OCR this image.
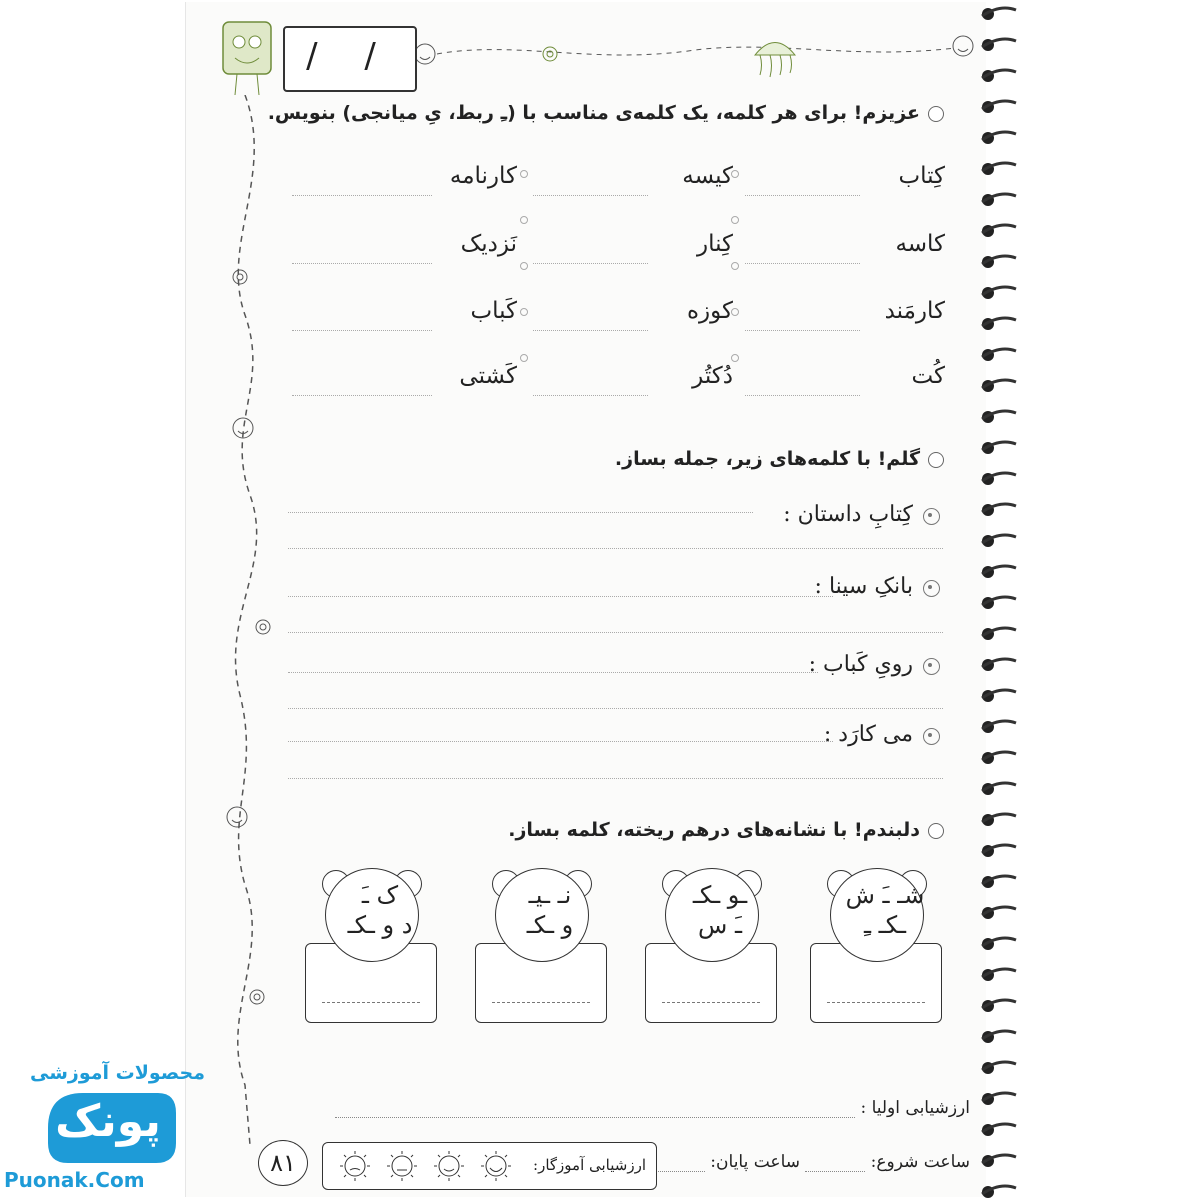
/ /
عزیزم! برای هر کلمه، یک کلمه‌ی مناسب با (ـِ ربط، یِ میانجی) بنویس.
کِتاب
کاسه
کارمَند
کُت
کیسه
کِنار
کوزه
دُکتُر
کارنامه
نَزدیک
کَباب
کَشتی
گلم! با کلمه‌های زیر، جمله بساز.
کِتابِ داستان :
بانکِ سینا :
رویِ کَباب :
می کارَد :
دلبندم! با نشانه‌های درهم ریخته، کلمه بساز.
شـ ـَ ش
ـکـ ـِ
ـو ـکـ
ـَ س
نـ ـیـ
و ـکـ
ک ـَ
د و ـکـ
ارزشیابی اولیا :
ساعت شروع:
ساعت پایان:
ارزشیابی آموزگار:
۸۱
محصولات آموزشی
پونک
Puonak.Com
